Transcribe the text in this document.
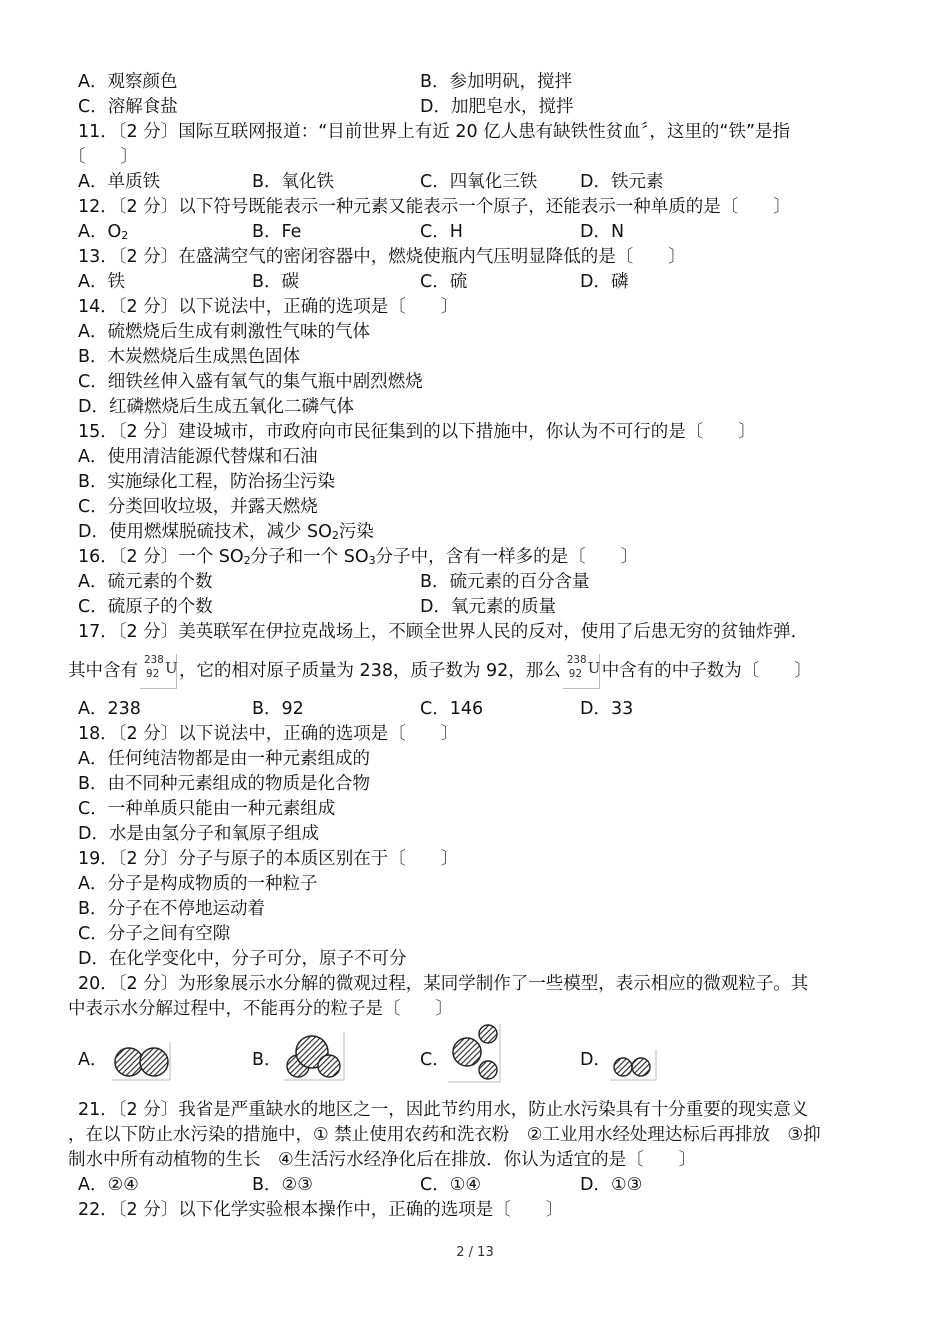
A．观察颜色	B．参加明矾，搅拌
C．溶解食盐	D．加肥皂水，搅拌
11．〔2 分〕国际互联网报道：“目前世界上有近 20 亿人患有缺铁性贫血〞，这里的“铁”是指
〔　　〕
A．单质铁	B．氧化铁	C．四氧化三铁 D．铁元素
12．〔2 分〕以下符号既能表示一种元素又能表示一个原子，还能表示一种单质的是〔　　〕
A．$O_2$	B．Fe	C．H	D．N
13．〔2 分〕在盛满空气的密闭容器中，燃烧使瓶内气压明显降低的是〔　　〕
A．铁	B．碳	C．硫	D．磷
14．〔2 分〕以下说法中，正确的选项是〔　　〕
A．硫燃烧后生成有刺激性气味的气体
B．木炭燃烧后生成黑色固体
C．细铁丝伸入盛有氧气的集气瓶中剧烈燃烧
D．红磷燃烧后生成五氧化二磷气体
15．〔2 分〕建设城市，市政府向市民征集到的以下措施中，你认为不可行的是〔　　〕
A．使用清洁能源代替煤和石油
B．实施绿化工程，防治扬尘污染
C．分类回收垃圾，并露天燃烧
D．使用燃煤脱硫技术，减少 $SO_2$污染
16．〔2 分〕一个 $SO_2$分子和一个 $SO_3$分子中，含有一样多的是〔　　〕
A．硫元素的个数	B．硫元素的百分含量
C．硫原子的个数	D．氧元素的质量
17．〔2 分〕美英联军在伊拉克战场上，不顾全世界人民的反对，使用了后患无穷的贫铀炸弹．
其中含有
238
92 U ，它的相对原子质量为 238，质子数为 92，那么
238
92 U 中含有的中子数为〔　　〕
A．238	B．92	C．146	D．33
18．〔2 分〕以下说法中，正确的选项是〔　　〕
A．任何纯洁物都是由一种元素组成的
B．由不同种元素组成的物质是化合物
C．一种单质只能由一种元素组成
D．水是由氢分子和氧原子组成
19．〔2 分〕分子与原子的本质区别在于〔　　〕
A．分子是构成物质的一种粒子
B．分子在不停地运动着
C．分子之间有空隙
D．在化学变化中，分子可分，原子不可分
20．〔2 分〕为形象展示水分解的微观过程，某同学制作了一些模型，表示相应的微观粒子。其
中表示水分解过程中，不能再分的粒子是〔　　〕
A．	B．	C．	D．
21．〔2 分〕我省是严重缺水的地区之一，因此节约用水，防止水污染具有十分重要的现实意义
，在以下防止水污染的措施中，① 禁止使用农药和洗衣粉　②工业用水经处理达标后再排放　③抑
制水中所有动植物的生长　④生活污水经净化后在排放．你认为适宜的是〔　　〕
A．②④	B．②③	C．①④	D．①③
22．〔2 分〕以下化学实验根本操作中，正确的选项是〔　　〕
2 / 13
